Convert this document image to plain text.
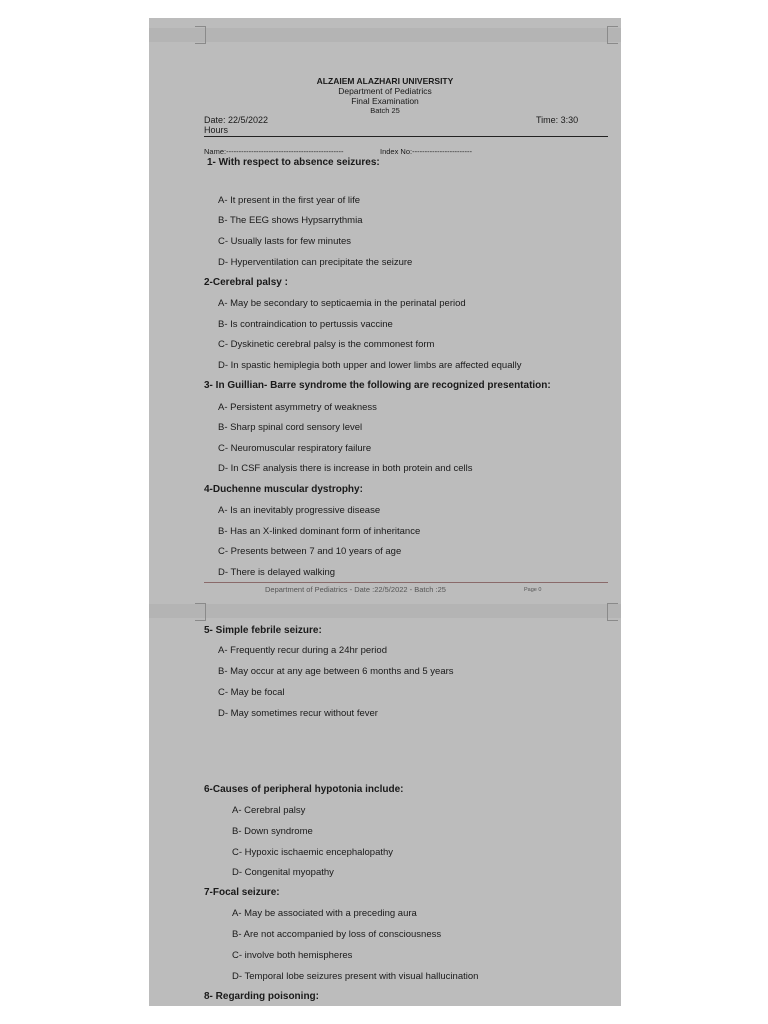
ALZAIEM ALAZHARI UNIVERSITY
Department of Pediatrics
Final Examination
Batch 25
Date: 22/5/2022	Time: 3:30
Hours
Name:-----------------------------------------------	Index No:------------------------
1- With respect to absence seizures:
A- It present in the first year of life
B- The EEG shows Hypsarrythmia
C- Usually lasts for few minutes
D- Hyperventilation can precipitate the seizure
2-Cerebral palsy :
A- May be secondary to septicaemia in the perinatal period
B- Is contraindication to pertussis vaccine
C- Dyskinetic cerebral palsy is the commonest form
D- In spastic hemiplegia both upper and lower limbs are affected equally
3- In Guillian- Barre syndrome the following are recognized presentation:
A- Persistent asymmetry of weakness
B- Sharp spinal cord sensory level
C- Neuromuscular respiratory failure
D- In CSF analysis there is increase in both protein and cells
4-Duchenne muscular dystrophy:
A- Is an inevitably progressive disease
B- Has an X-linked dominant form of inheritance
C- Presents between 7 and 10 years of age
D- There is delayed walking
Department of Pediatrics - Date :22/5/2022 - Batch :25	Page 0
5- Simple febrile seizure:
A- Frequently recur during a 24hr period
B- May occur at any age between 6 months and 5 years
C- May be focal
D- May sometimes recur without fever
6-Causes of peripheral hypotonia include:
A- Cerebral palsy
B- Down syndrome
C- Hypoxic ischaemic encephalopathy
D- Congenital myopathy
7-Focal seizure:
A- May be associated with a preceding aura
B- Are not accompanied by loss of consciousness
C- involve both hemispheres
D- Temporal lobe seizures present with visual hallucination
8- Regarding poisoning:
